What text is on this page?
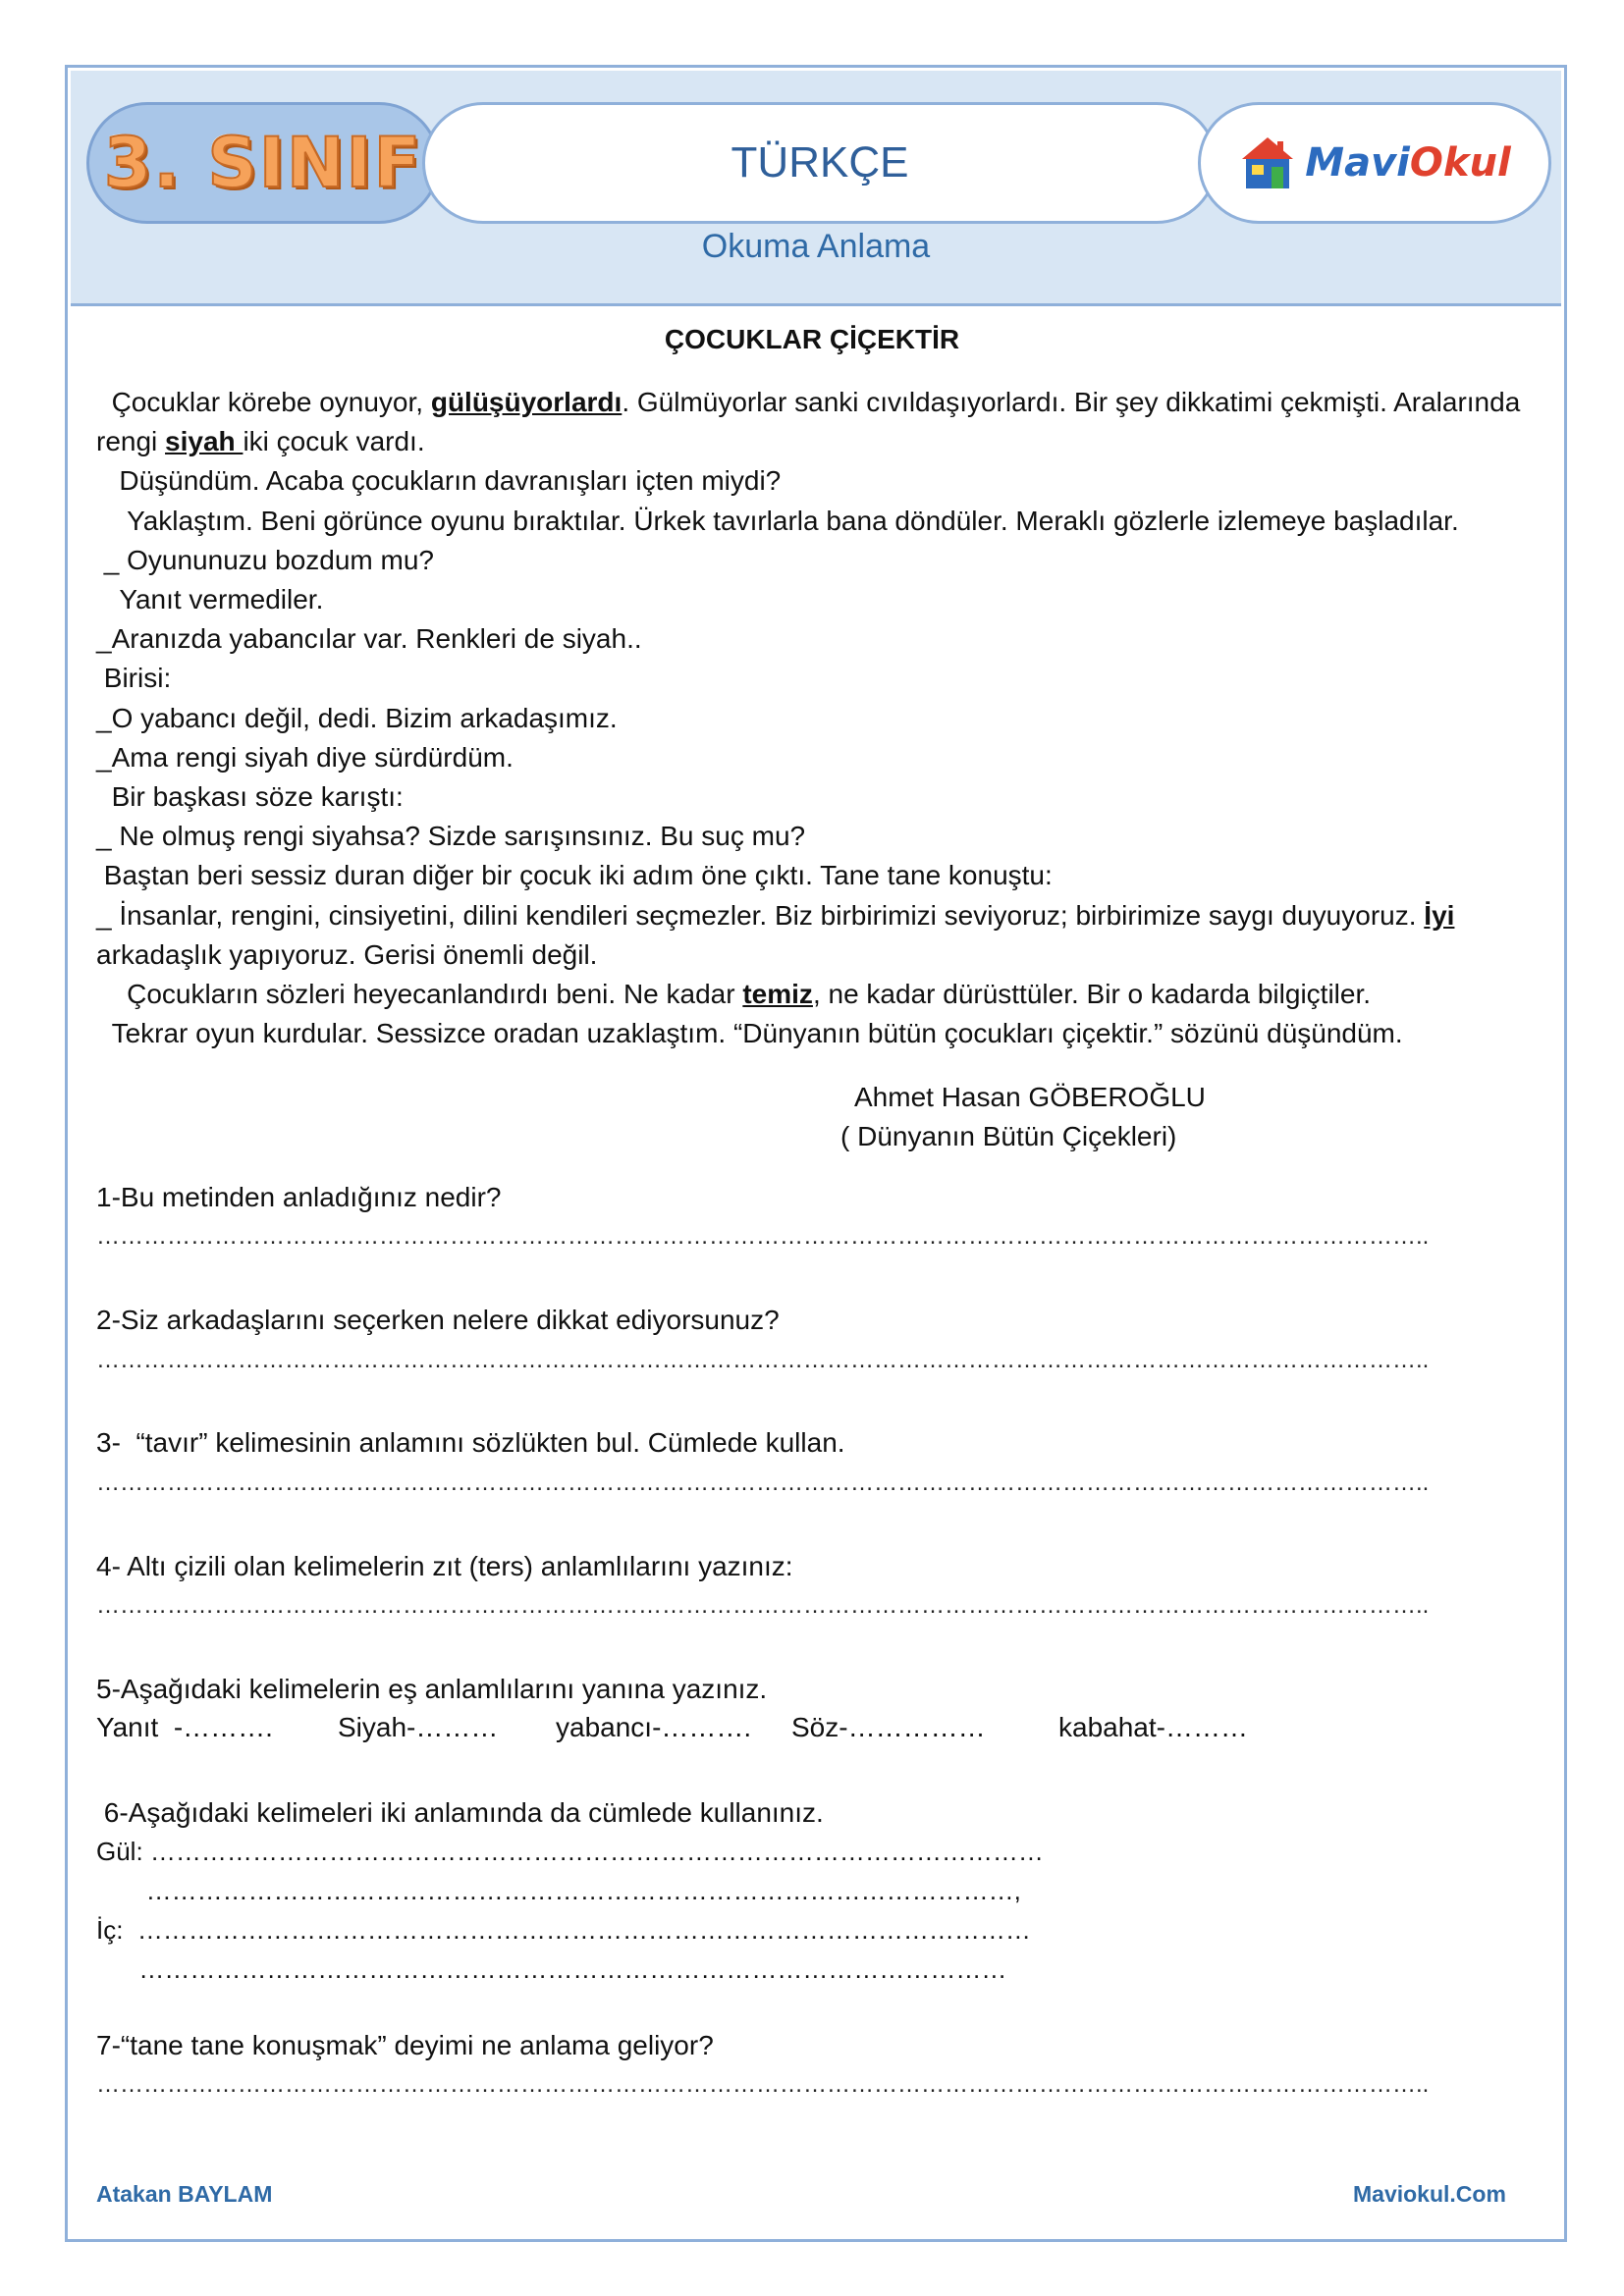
3. SINIF	TÜRKÇE	MaviOkul
Okuma Anlama
ÇOCUKLAR ÇİÇEKTİR

Çocuklar körebe oynuyor, gülüşüyorlardı. Gülmüyorlar sanki cıvıldaşıyorlardı. Bir şey dikkatimi çekmişti. Aralarında

rengi siyah iki çocuk vardı.

Düşündüm. Acaba çocukların davranışları içten miydi?

Yaklaştım. Beni görünce oyunu bıraktılar. Ürkek tavırlarla bana döndüler. Meraklı gözlerle izlemeye başladılar.

_ Oyununuzu bozdum mu?

Yanıt vermediler.

_Aranızda yabancılar var. Renkleri de siyah..

Birisi:

_O yabancı değil, dedi. Bizim arkadaşımız.

_Ama rengi siyah diye sürdürdüm.

Bir başkası söze karıştı:

_ Ne olmuş rengi siyahsa? Sizde sarışınsınız. Bu suç mu?

Baştan beri sessiz duran diğer bir çocuk iki adım öne çıktı. Tane tane konuştu:

_ İnsanlar, rengini, cinsiyetini, dilini kendileri seçmezler. Biz birbirimizi seviyoruz; birbirimize saygı duyuyoruz. İyi

arkadaşlık yapıyoruz. Gerisi önemli değil.

Çocukların sözleri heyecanlandırdı beni. Ne kadar temiz, ne kadar dürüsttüler. Bir o kadarda bilgiçtiler.

Tekrar oyun kurdular. Sessizce oradan uzaklaştım. “Dünyanın bütün çocukları çiçektir.” sözünü düşündüm.

Ahmet Hasan GÖBEROĞLU
( Dünyanın Bütün Çiçekleri)
1-Bu metinden anladığınız nedir?
……………………………………………………………………………………………………………………………………………………..
2-Siz arkadaşlarını seçerken nelere dikkat ediyorsunuz?
……………………………………………………………………………………………………………………………………………………..
3-  “tavır” kelimesinin anlamını sözlükten bul. Cümlede kullan.
……………………………………………………………………………………………………………………………………………………..
4- Altı çizili olan kelimelerin zıt (ters) anlamlılarını yazınız:
……………………………………………………………………………………………………………………………………………………..
5-Aşağıdaki kelimelerin eş anlamlılarını yanına yazınız.
Yanıt  -………. Siyah-……… yabancı-………. Söz-……………	kabahat-………
6-Aşağıdaki kelimeleri iki anlamında da cümlede kullanınız.
Gül: ……………………………………………………………………………………………
…………………………………………………………………………………………,
İç:  ……………………………………………………………………………………………
…………………………………………………………………………………………
7-“tane tane konuşmak” deyimi ne anlama geliyor?
……………………………………………………………………………………………………………………………………………………..
Atakan BAYLAM	Maviokul.Com
